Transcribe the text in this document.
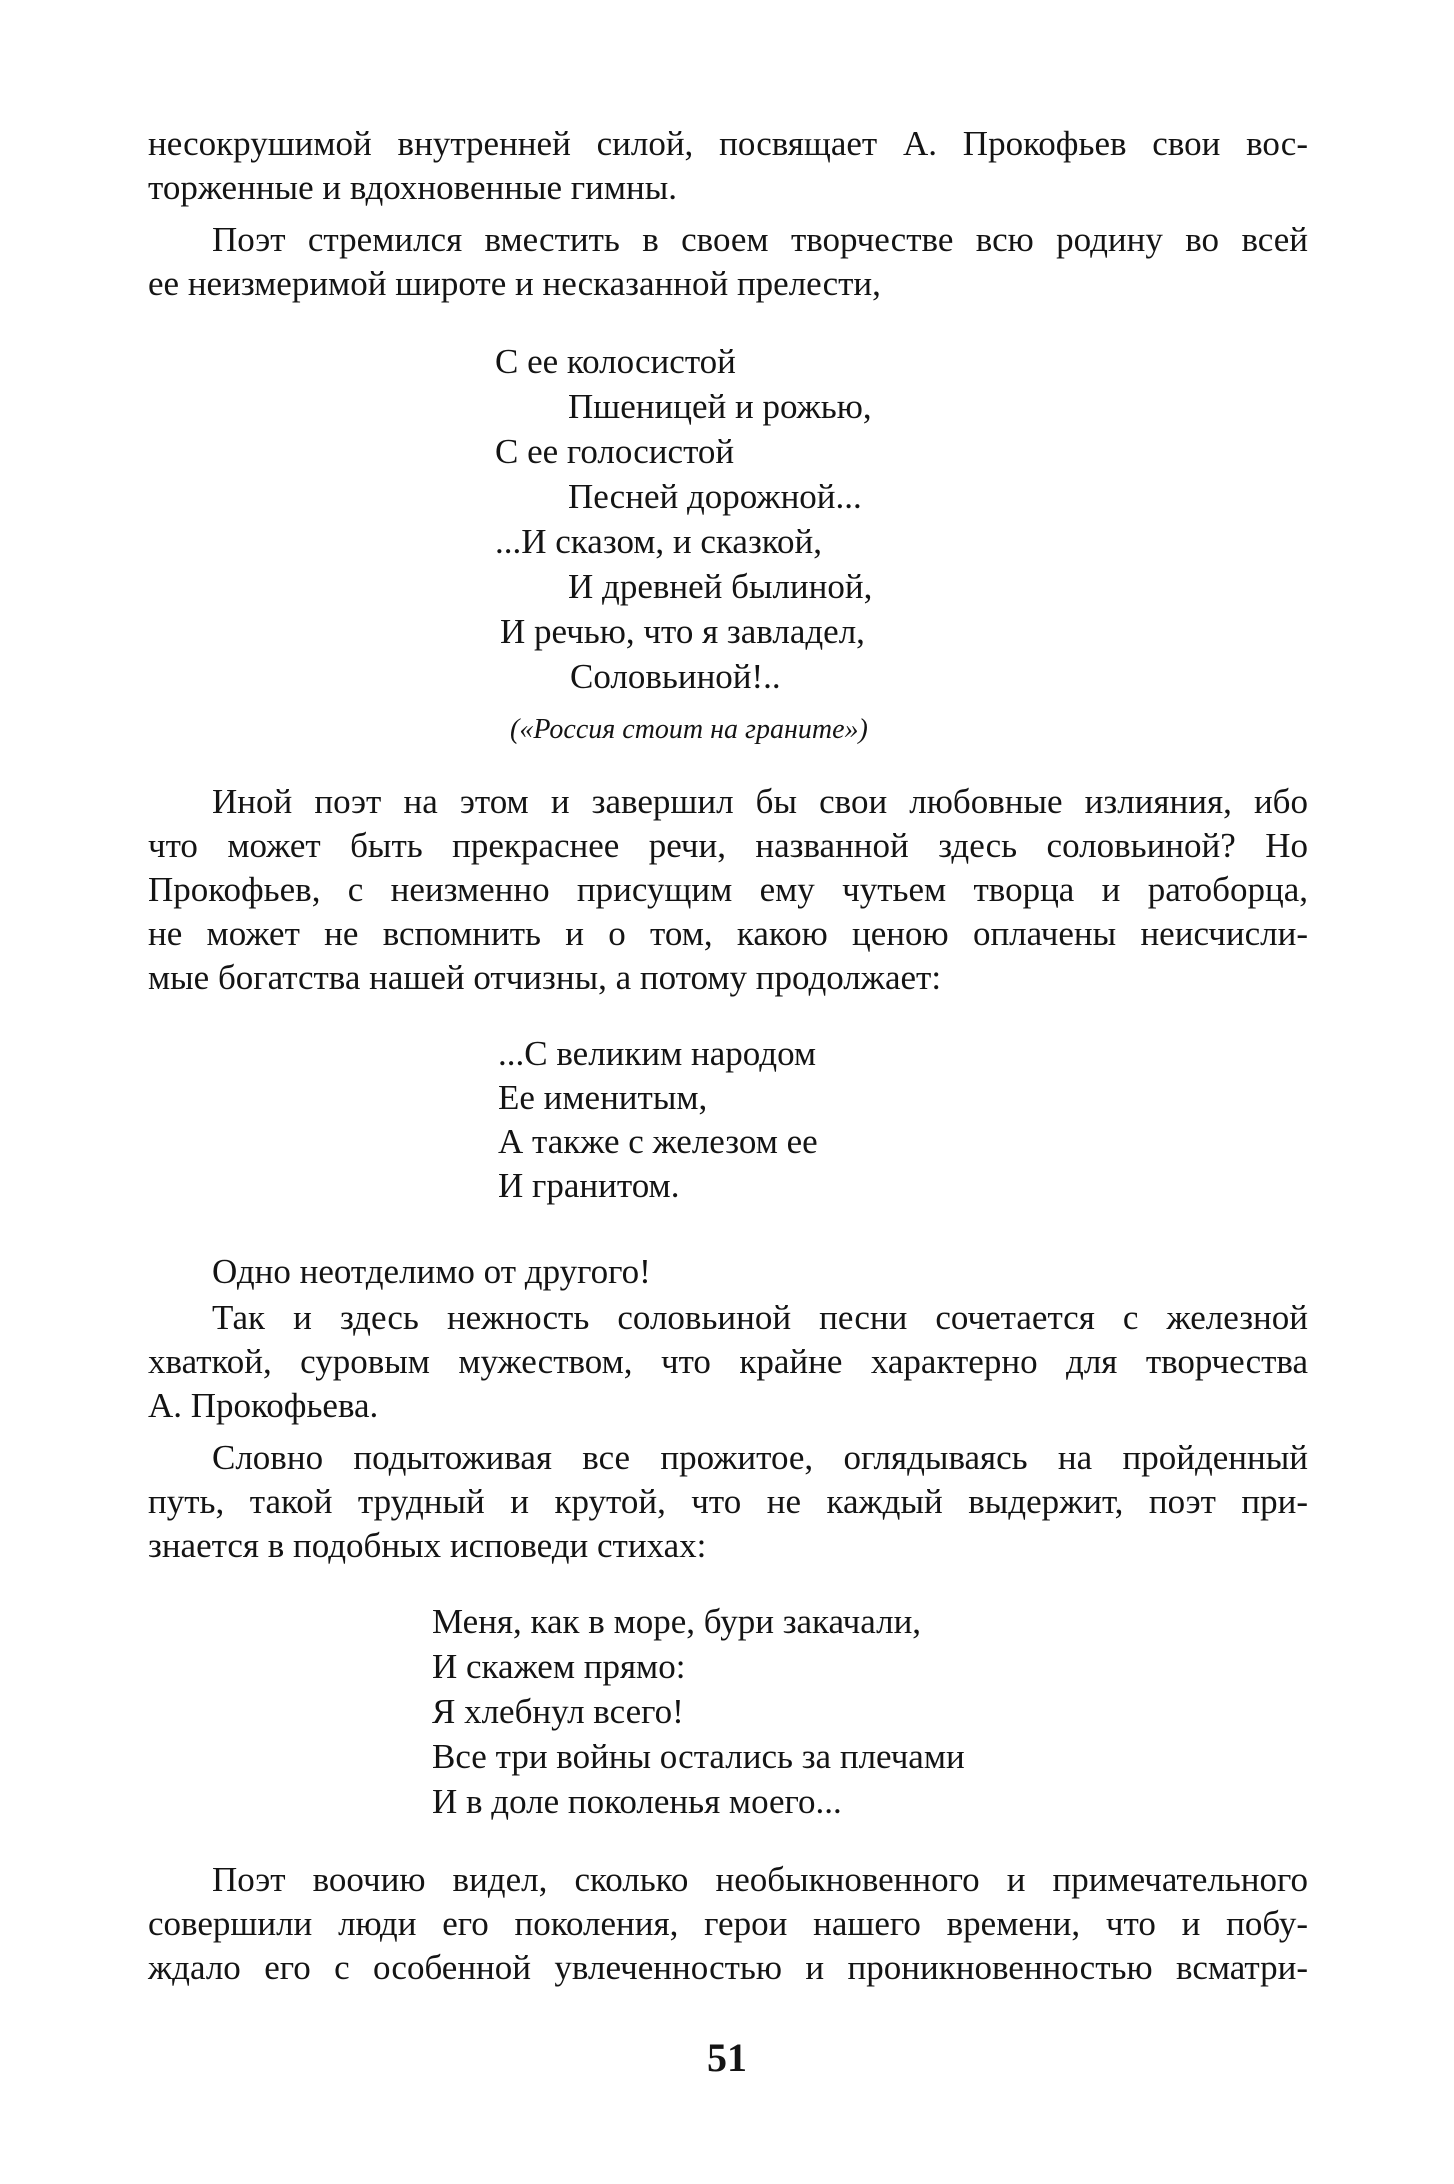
несокрушимой внутренней силой, посвящает А. Прокофьев свои вос-
торженные и вдохновенные гимны.
Поэт стремился вместить в своем творчестве всю родину во всей
ее неизмеримой широте и несказанной прелести,
С ее колосистой
Пшеницей и рожью,
С ее голосистой
Песней дорожной...
...И сказом, и сказкой,
И древней былиной,
И речью, что я завладел,
Соловьиной!..
(«Россия стоит на граните»)
Иной поэт на этом и завершил бы свои любовные излияния, ибо
что может быть прекраснее речи, названной здесь соловьиной? Но
Прокофьев, с неизменно присущим ему чутьем творца и ратоборца,
не может не вспомнить и о том, какою ценою оплачены неисчисли-
мые богатства нашей отчизны, а потому продолжает:
...С великим народом
Ее именитым,
А также с железом ее
И гранитом.
Одно неотделимо от другого!
Так и здесь нежность соловьиной песни сочетается с железной
хваткой, суровым мужеством, что крайне характерно для творчества
А. Прокофьева.
Словно подытоживая все прожитое, оглядываясь на пройденный
путь, такой трудный и крутой, что не каждый выдержит, поэт при-
знается в подобных исповеди стихах:
Меня, как в море, бури закачали,
И скажем прямо:
Я хлебнул всего!
Все три войны остались за плечами
И в доле поколенья моего...
Поэт воочию видел, сколько необыкновенного и примечательного
совершили люди его поколения, герои нашего времени, что и побу-
ждало его с особенной увлеченностью и проникновенностью всматри-
51
